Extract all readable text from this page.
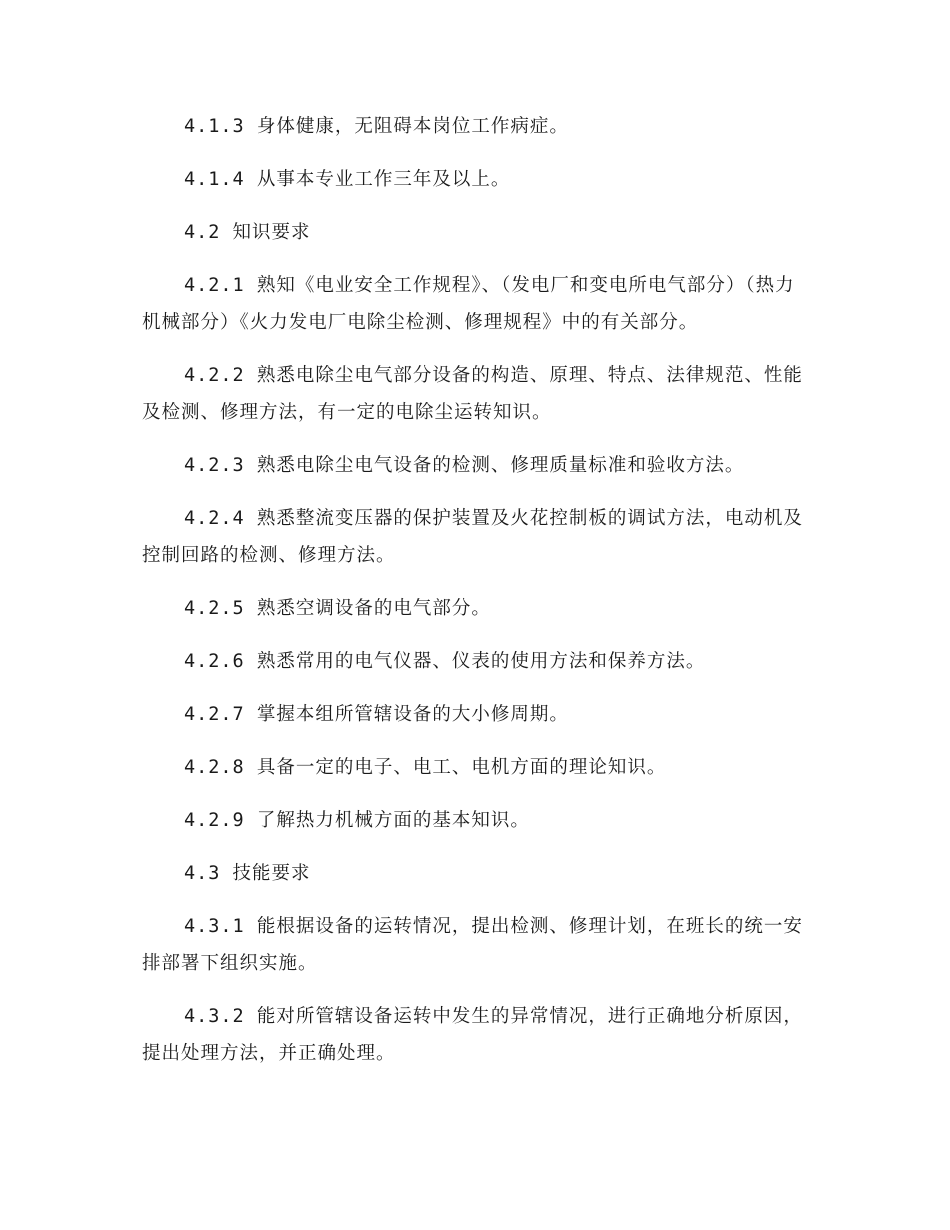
4.1.3 身体健康，无阻碍本岗位工作病症。

4.1.4 从事本专业工作三年及以上。

4.2 知识要求

4.2.1 熟知《电业安全工作规程》、（发电厂和变电所电气部分）（热力机械部分）《火力发电厂电除尘检测、修理规程》中的有关部分。

4.2.2 熟悉电除尘电气部分设备的构造、原理、特点、法律规范、性能及检测、修理方法，有一定的电除尘运转知识。

4.2.3 熟悉电除尘电气设备的检测、修理质量标准和验收方法。

4.2.4 熟悉整流变压器的保护装置及火花控制板的调试方法，电动机及控制回路的检测、修理方法。

4.2.5 熟悉空调设备的电气部分。

4.2.6 熟悉常用的电气仪器、仪表的使用方法和保养方法。

4.2.7 掌握本组所管辖设备的大小修周期。

4.2.8 具备一定的电子、电工、电机方面的理论知识。

4.2.9 了解热力机械方面的基本知识。

4.3 技能要求

4.3.1 能根据设备的运转情况，提出检测、修理计划，在班长的统一安排部署下组织实施。

4.3.2 能对所管辖设备运转中发生的异常情况，进行正确地分析原因，提出处理方法，并正确处理。
